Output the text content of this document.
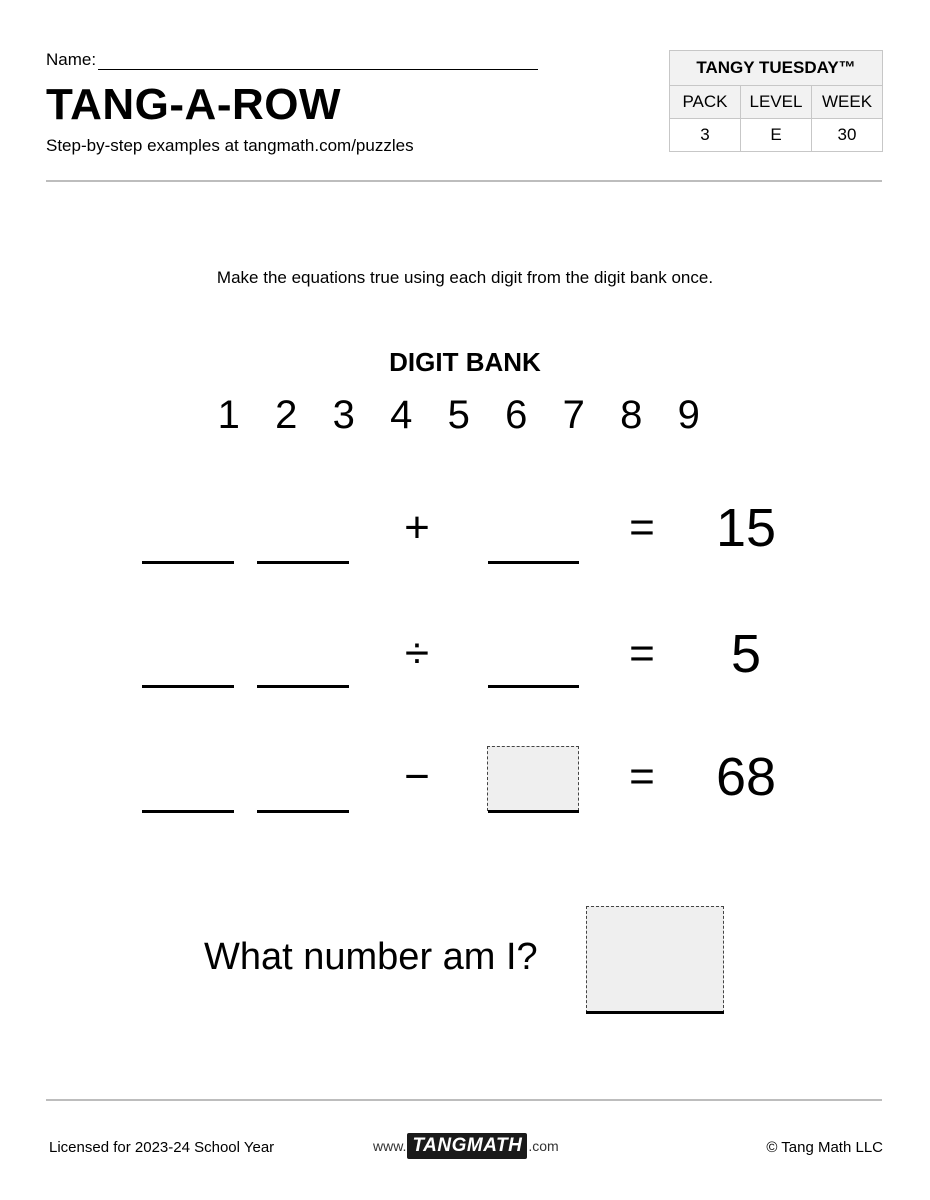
Name:
TANG-A-ROW
Step-by-step examples at tangmath.com/puzzles
TANGY TUESDAY™		
PACK	LEVEL	WEEK
3	E	30
Make the equations true using each digit from the digit bank once.
DIGIT BANK
1 2 3 4 5 6 7 8 9
+	=	15
÷	=	5
−	=	68
What number am I?
Licensed for 2023-24 School Year	www. TANGMATH .com	© Tang Math LLC
